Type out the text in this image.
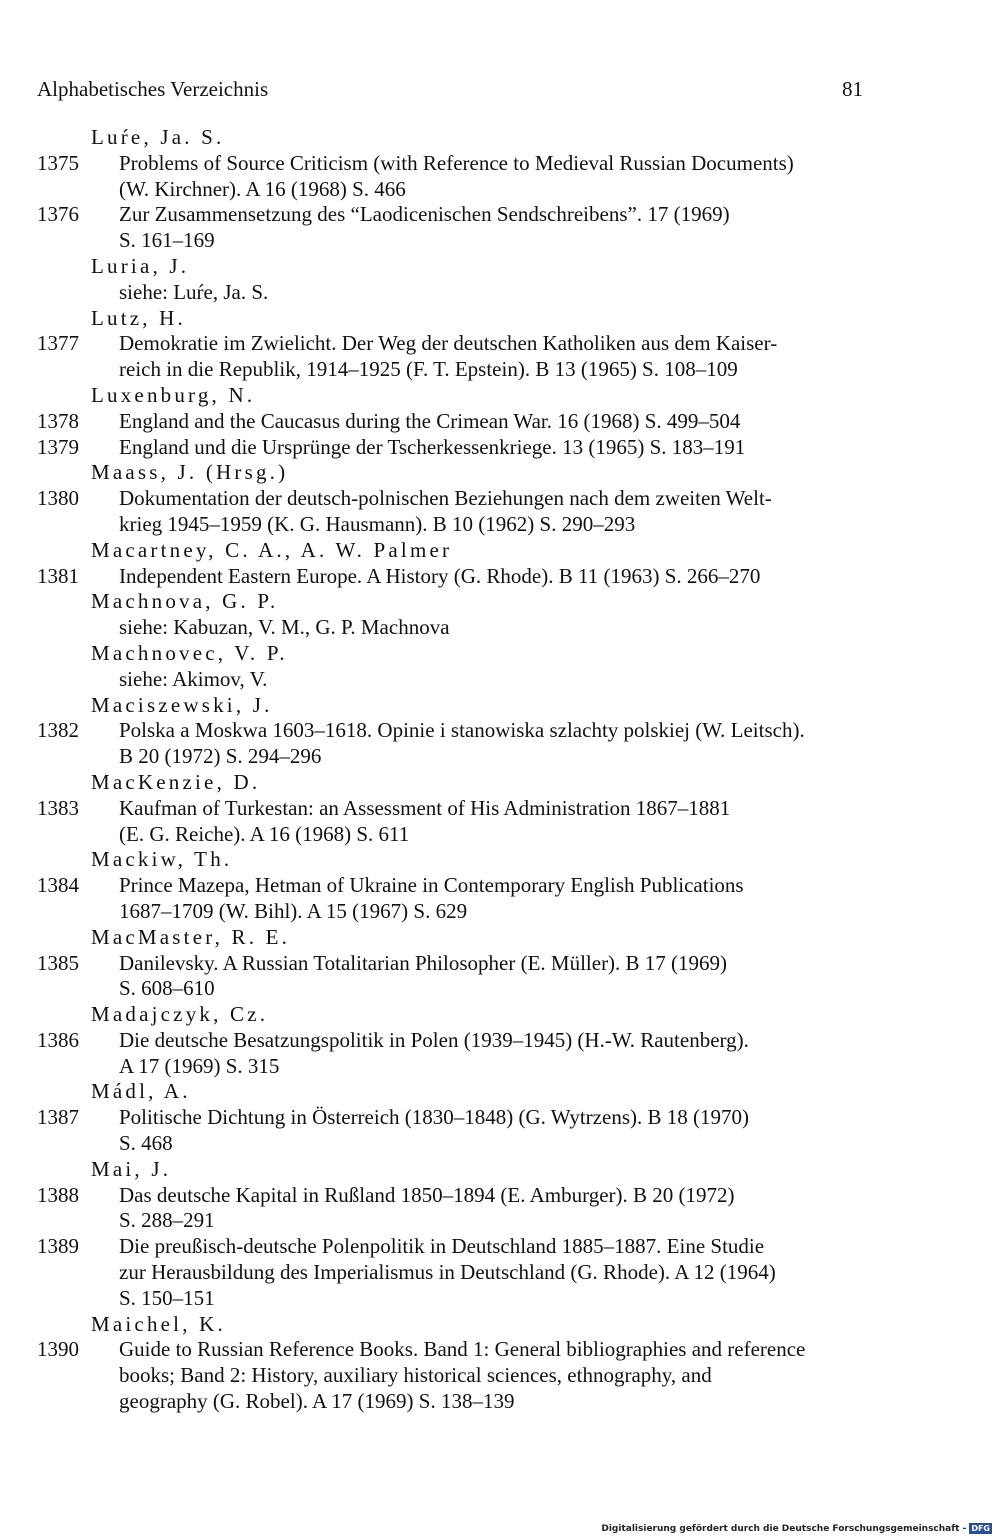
Alphabetisches Verzeichnis	81
Luŕe, Ja. S.
1375 Problems of Source Criticism (with Reference to Medieval Russian Documents)
(W. Kirchner). A 16 (1968) S. 466
1376 Zur Zusammensetzung des “Laodicenischen Sendschreibens”. 17 (1969)
S. 161–169
Luria, J.
siehe: Luŕe, Ja. S.
Lutz, H.
1377 Demokratie im Zwielicht. Der Weg der deutschen Katholiken aus dem Kaiser-
reich in die Republik, 1914–1925 (F. T. Epstein). B 13 (1965) S. 108–109
Luxenburg, N.
1378 England and the Caucasus during the Crimean War. 16 (1968) S. 499–504
1379 England und die Ursprünge der Tscherkessenkriege. 13 (1965) S. 183–191
Maass, J. (Hrsg.)
1380 Dokumentation der deutsch-polnischen Beziehungen nach dem zweiten Welt-
krieg 1945–1959 (K. G. Hausmann). B 10 (1962) S. 290–293
Macartney, C. A., A. W. Palmer
1381 Independent Eastern Europe. A History (G. Rhode). B 11 (1963) S. 266–270
Machnova, G. P.
siehe: Kabuzan, V. M., G. P. Machnova
Machnovec, V. P.
siehe: Akimov, V.
Maciszewski, J.
1382 Polska a Moskwa 1603–1618. Opinie i stanowiska szlachty polskiej (W. Leitsch).
B 20 (1972) S. 294–296
MacKenzie, D.
1383 Kaufman of Turkestan: an Assessment of His Administration 1867–1881
(E. G. Reiche). A 16 (1968) S. 611
Mackiw, Th.
1384 Prince Mazepa, Hetman of Ukraine in Contemporary English Publications
1687–1709 (W. Bihl). A 15 (1967) S. 629
MacMaster, R. E.
1385 Danilevsky. A Russian Totalitarian Philosopher (E. Müller). B 17 (1969)
S. 608–610
Madajczyk, Cz.
1386 Die deutsche Besatzungspolitik in Polen (1939–1945) (H.-W. Rautenberg).
A 17 (1969) S. 315
Mádl, A.
1387 Politische Dichtung in Österreich (1830–1848) (G. Wytrzens). B 18 (1970)
S. 468
Mai, J.
1388 Das deutsche Kapital in Rußland 1850–1894 (E. Amburger). B 20 (1972)
S. 288–291
1389 Die preußisch-deutsche Polenpolitik in Deutschland 1885–1887. Eine Studie
zur Herausbildung des Imperialismus in Deutschland (G. Rhode). A 12 (1964)
S. 150–151
Maichel, K.
1390 Guide to Russian Reference Books. Band 1: General bibliographies and reference
books; Band 2: History, auxiliary historical sciences, ethnography, and
geography (G. Robel). A 17 (1969) S. 138–139
Digitalisierung gefördert durch die Deutsche Forschungsgemeinschaft - DFG
